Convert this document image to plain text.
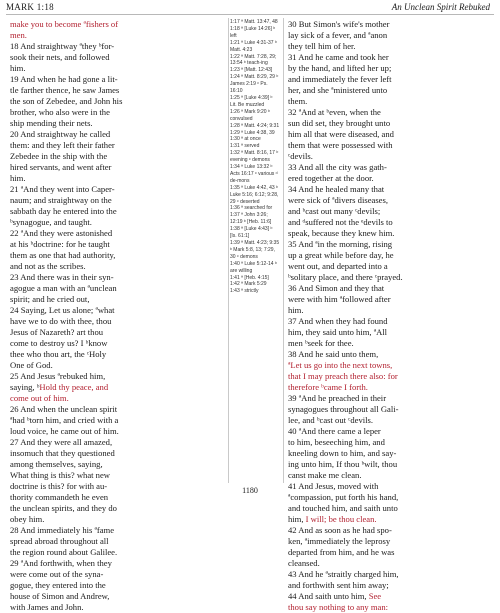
MARK 1:18	An Unclean Spirit Rebuked
make you to become ªfishers of
men.
18 And straightway ªthey ᵇfor-
sook their nets, and followed
him.
19 And when he had gone a lit-
tle farther thence, he saw James
the son of Zebedee, and John his
brother, who also were in the
ship mending their nets.
20 And straightway he called
them: and they left their father
Zebedee in the ship with the
hired servants, and went after
him.
21 ªAnd they went into Caper-
naum; and straightway on the
sabbath day he entered into the
ᵇsynagogue, and taught.
22 ªAnd they were astonished
at his ᵇdoctrine: for he taught
them as one that had authority,
and not as the scribes.
23 And there was in their syn-
agogue a man with an ªunclean
spirit; and he cried out,
24 Saying, Let us alone; ªwhat
have we to do with thee, thou
Jesus of Nazareth? art thou
come to destroy us? I ᵇknow
thee who thou art, the ᶜHoly
One of God.
25 And Jesus ªrebuked him,
saying, ᵇHold thy peace, and
come out of him.
26 And when the unclean spirit
ªhad ᵇtorn him, and cried with a
loud voice, he came out of him.
27 And they were all amazed,
insomuch that they questioned
among themselves, saying,
What thing is this? what new
doctrine is this? for with au-
thority commandeth he even
the unclean spirits, and they do
obey him.
28 And immediately his ªfame
spread abroad throughout all
the region round about Galilee.
29 ªAnd forthwith, when they
were come out of the syna-
gogue, they entered into the
house of Simon and Andrew,
with James and John.
1:17 ª Matt. 13:47, 48
1:18 ª [Luke 14:26] ᵇ left
1:21 ª Luke 4:31-37 ᵇ Matt. 4:23
1:22 ª Matt. 7:28, 29; 13:54 ᵇ teach-ing
1:23 ª [Matt. 12:43]
1:24 ª Matt. 8:29, 29 ᵇ James 2:19 ᶜ Ps. 16:10
1:25 ª [Luke 4:39] ᵇ Lit. Be muzzled
1:26 ª Mark 9:20 ᵇ convulsed
1:28 ª Matt. 4:24; 9:31
1:29 ª Luke 4:38, 39
1:30 ª at once
1:31 ª served
1:32 ª Matt. 8:16, 17 ᵇ evening ᶜ demons
1:34 ª Luke 13:32 ᵇ Acts 16:17 ᶜ various ᵈ de-mons
1:35 ª Luke 4:42, 43 ᵇ Luke 5:16; 6:12; 9:28, 29 ᶜ deserted
1:36 ª searched for
1:37 ª John 3:26; 12:19 ᵇ [Heb. 11:6]
1:38 ª [Luke 4:43] ᵇ [Is. 61:1]
1:39 ª Matt. 4:23; 9:35 ᵇ Mark 5:8, 13; 7:29, 30 ᶜ demons
1:40 ª Luke 5:12-14 ᵇ are willing
1:41 ª [Heb. 4:15]
1:42 ª Mark 5:29
1:43 ª strictly
30 But Simon's wife's mother
lay sick of a fever, and ªanon
they tell him of her.
31 And he came and took her
by the hand, and lifted her up;
and immediately the fever left
her, and she ªministered unto
them.
32 ªAnd at ᵇeven, when the
sun did set, they brought unto
him all that were diseased, and
them that were possessed with
ᶜdevils.
33 And all the city was gath-
ered together at the door.
34 And he healed many that
were sick of ªdivers diseases,
and ᵇcast out many ᶜdevils;
and ᵈsuffered not the ᵉdevils to
speak, because they knew him.
35 And ªin the morning, rising
up a great while before day, he
went out, and departed into a
ᵇsolitary place, and there ᶜprayed.
36 And Simon and they that
were with him ªfollowed after
him.
37 And when they had found
him, they said unto him, ªAll
men ᵇseek for thee.
38 And he said unto them,
ªLet us go into the next towns,
that I may preach there also: for
therefore ᵇcame I forth.
39 ªAnd he preached in their
synagogues throughout all Gali-
lee, and ᵇcast out ᶜdevils.
40 ªAnd there came a leper
to him, beseeching him, and
kneeling down to him, and say-
ing unto him, If thou ᵇwilt, thou
canst make me clean.
41 And Jesus, moved with
ªcompassion, put forth his hand,
and touched him, and saith unto
him, I will; be thou clean.
42 And as soon as he had spo-
ken, ªimmediately the leprosy
departed from him, and he was
cleansed.
43 And he ªstraitly charged him,
and forthwith sent him away;
44 And saith unto him, See
thou say nothing to any man:
1180
